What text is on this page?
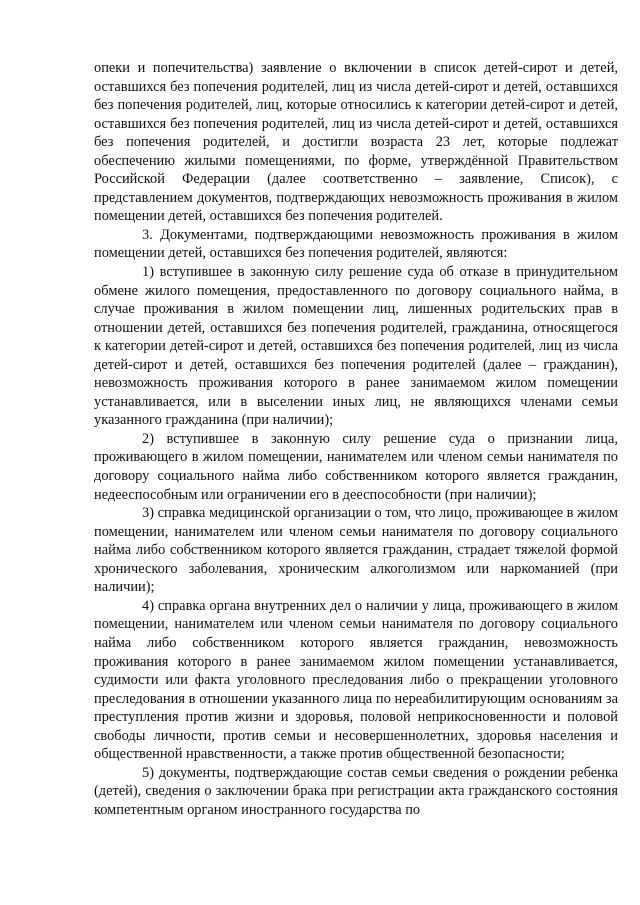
опеки и попечительства) заявление о включении в список детей-сирот и детей, оставшихся без попечения родителей, лиц из числа детей-сирот и детей, оставшихся без попечения родителей, лиц, которые относились к категории детей-сирот и детей, оставшихся без попечения родителей, лиц из числа детей-сирот и детей, оставшихся без попечения родителей, и достигли возраста 23 лет, которые подлежат обеспечению жилыми помещениями, по форме, утверждённой Правительством Российской Федерации (далее соответственно – заявление, Список), с представлением документов, подтверждающих невозможность проживания в жилом помещении детей, оставшихся без попечения родителей.

3. Документами, подтверждающими невозможность проживания в жилом помещении детей, оставшихся без попечения родителей, являются:

1) вступившее в законную силу решение суда об отказе в принудительном обмене жилого помещения, предоставленного по договору социального найма, в случае проживания в жилом помещении лиц, лишенных родительских прав в отношении детей, оставшихся без попечения родителей, гражданина, относящегося к категории детей-сирот и детей, оставшихся без попечения родителей, лиц из числа детей-сирот и детей, оставшихся без попечения родителей (далее – гражданин), невозможность проживания которого в ранее занимаемом жилом помещении устанавливается, или в выселении иных лиц, не являющихся членами семьи указанного гражданина (при наличии);

2) вступившее в законную силу решение суда о признании лица, проживающего в жилом помещении, нанимателем или членом семьи нанимателя по договору социального найма либо собственником которого является гражданин, недееспособным или ограничении его в дееспособности (при наличии);

3) справка медицинской организации о том, что лицо, проживающее в жилом помещении, нанимателем или членом семьи нанимателя по договору социального найма либо собственником которого является гражданин, страдает тяжелой формой хронического заболевания, хроническим алкоголизмом или наркоманией (при наличии);

4) справка органа внутренних дел о наличии у лица, проживающего в жилом помещении, нанимателем или членом семьи нанимателя по договору социального найма либо собственником которого является гражданин, невозможность проживания которого в ранее занимаемом жилом помещении устанавливается, судимости или факта уголовного преследования либо о прекращении уголовного преследования в отношении указанного лица по нереабилитирующим основаниям за преступления против жизни и здоровья, половой неприкосновенности и половой свободы личности, против семьи и несовершеннолетних, здоровья населения и общественной нравственности, а также против общественной безопасности;

5) документы, подтверждающие состав семьи сведения о рождении ребенка (детей), сведения о заключении брака при регистрации акта гражданского состояния компетентным органом иностранного государства по
